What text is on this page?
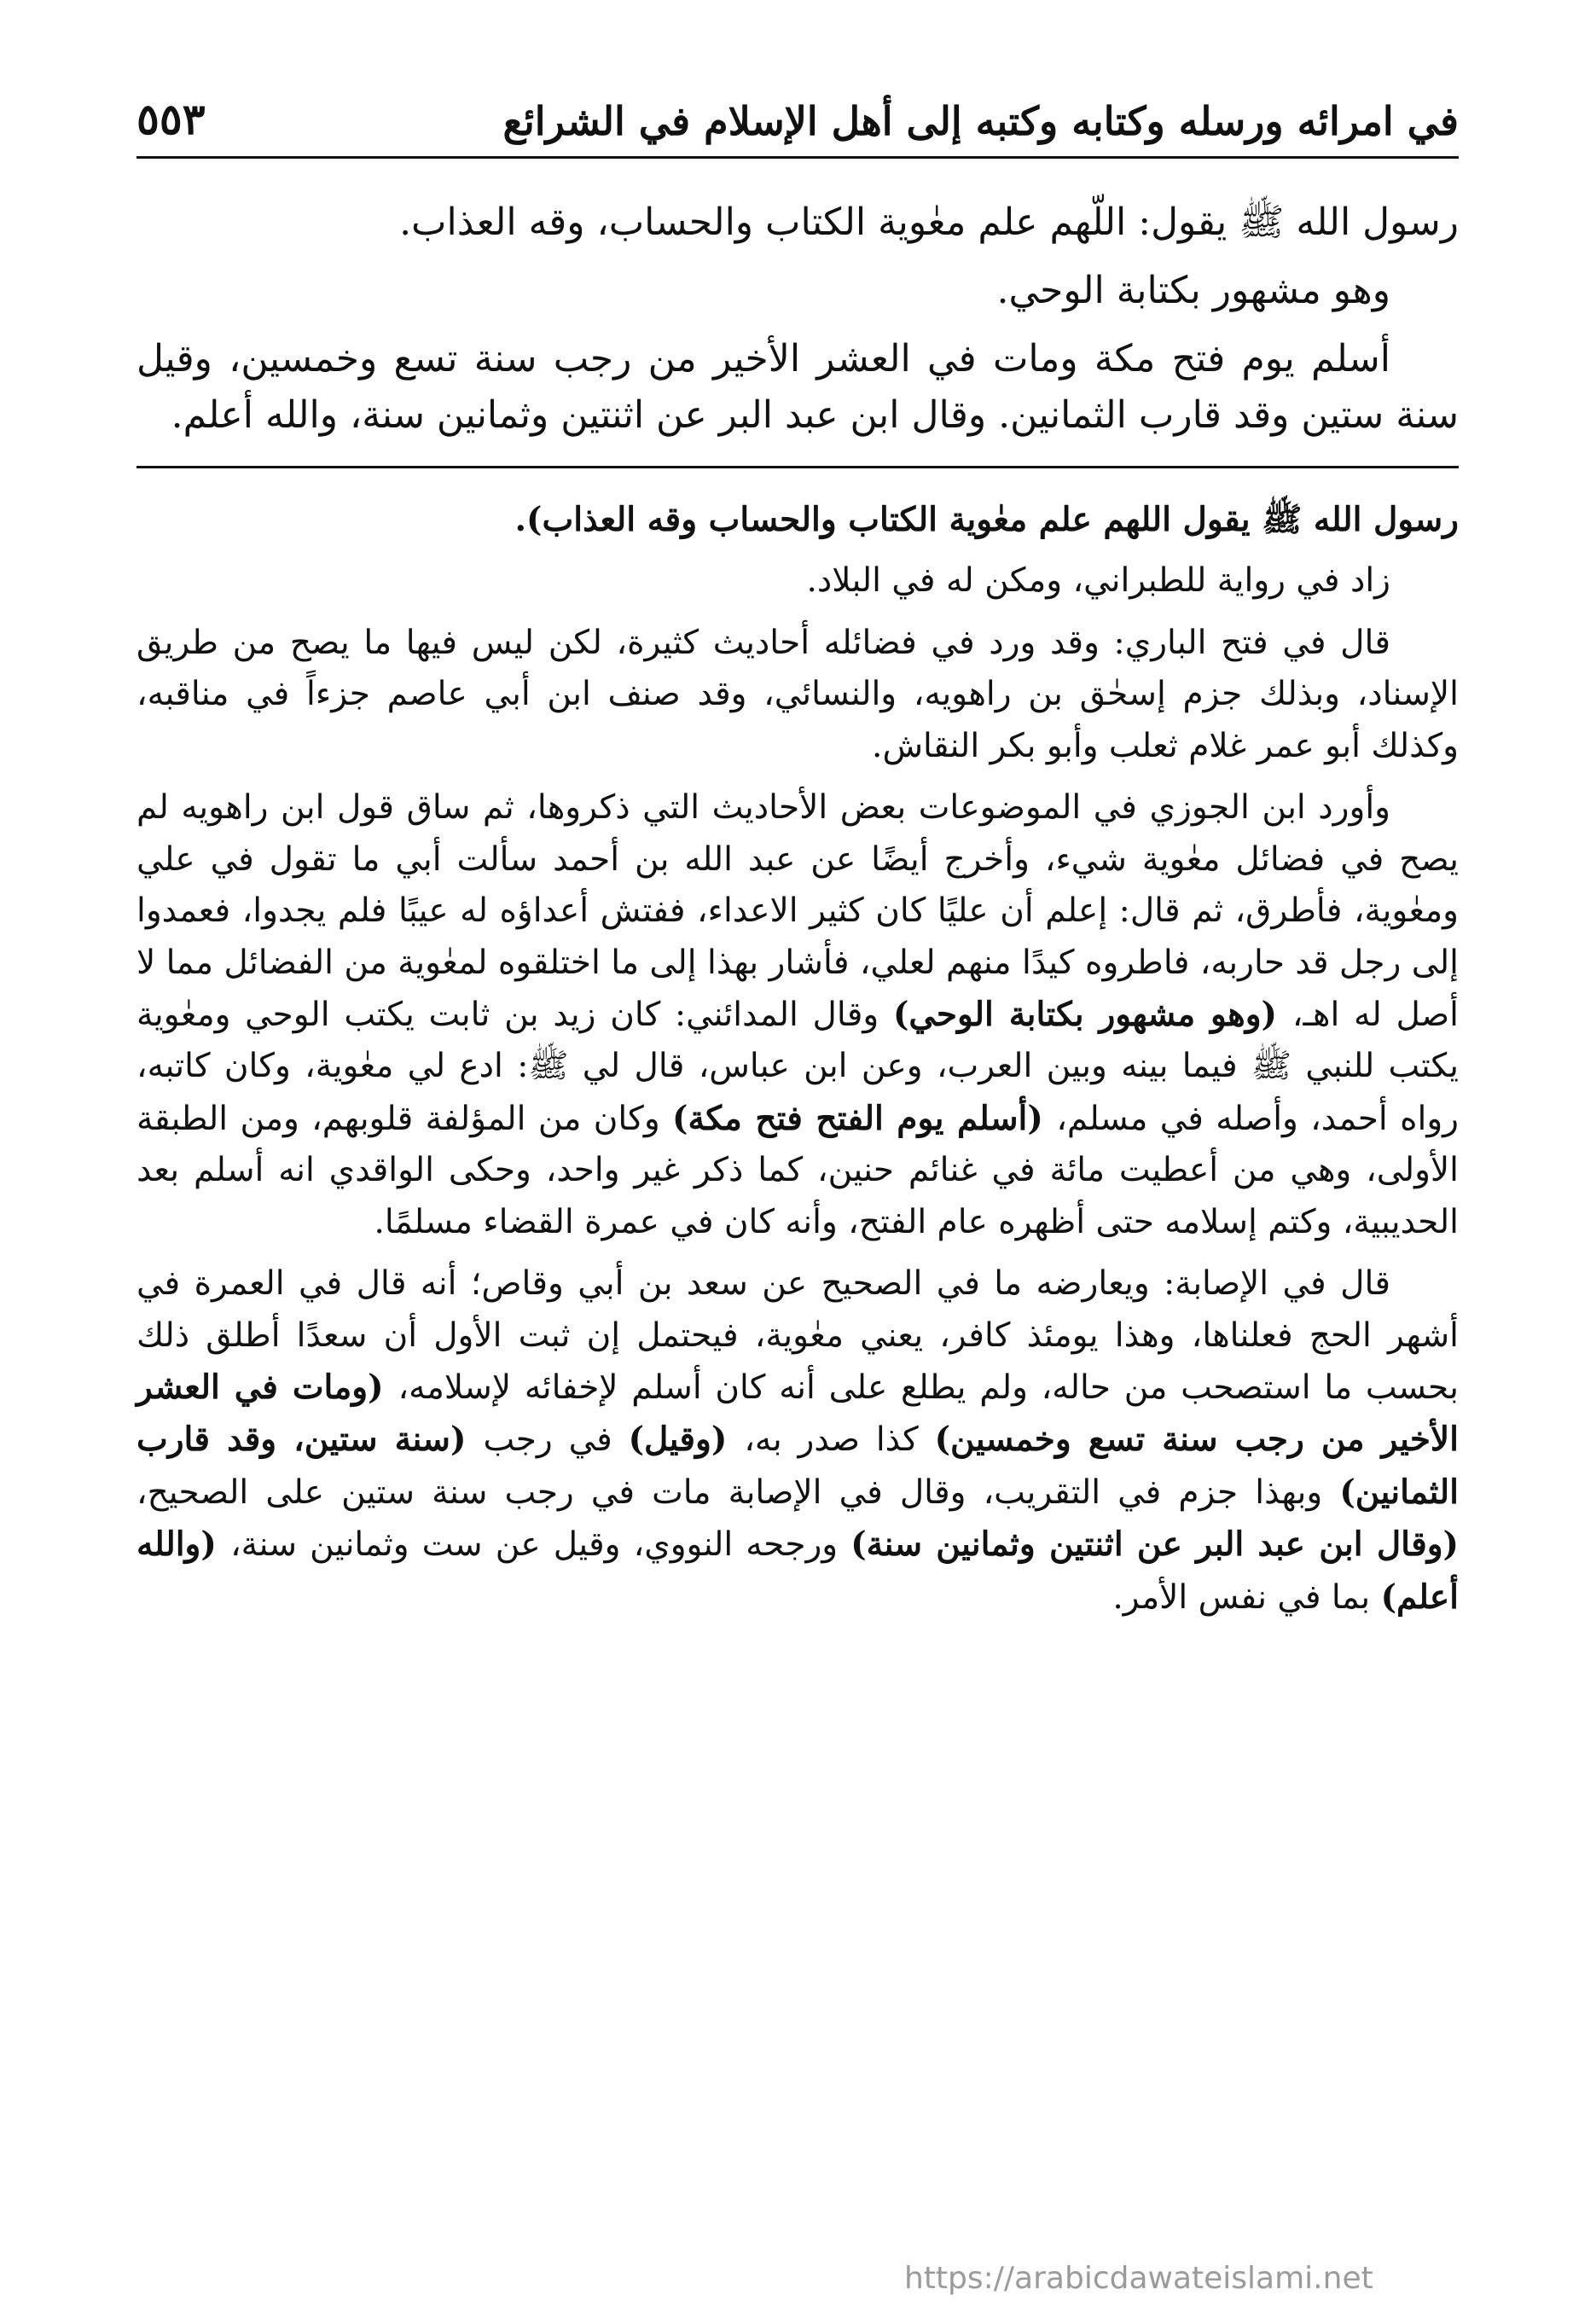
في امرائه ورسله وكتابه وكتبه إلى أهل الإسلام في الشرائع
٥٥٣

رسول الله ﷺ يقول: اللّهم علم معٰوية الكتاب والحساب، وقه العذاب.

وهو مشهور بكتابة الوحي.

أسلم يوم فتح مكة ومات في العشر الأخير من رجب سنة تسع وخمسين، وقيل سنة ستين وقد قارب الثمانين. وقال ابن عبد البر عن اثنتين وثمانين سنة، والله أعلم.

رسول الله ﷺ يقول اللهم علم معٰوية الكتاب والحساب وقه العذاب).

زاد في رواية للطبراني، ومكن له في البلاد.

قال في فتح الباري: وقد ورد في فضائله أحاديث كثيرة، لكن ليس فيها ما يصح من طريق الإسناد، وبذلك جزم إسحٰق بن راهويه، والنسائي، وقد صنف ابن أبي عاصم جزءاً في مناقبه، وكذلك أبو عمر غلام ثعلب وأبو بكر النقاش.

وأورد ابن الجوزي في الموضوعات بعض الأحاديث التي ذكروها، ثم ساق قول ابن راهويه لم يصح في فضائل معٰوية شيء، وأخرج أيضًا عن عبد الله بن أحمد سألت أبي ما تقول في علي ومعٰوية، فأطرق، ثم قال: إعلم أن عليًا كان كثير الاعداء، ففتش أعداؤه له عيبًا فلم يجدوا، فعمدوا إلى رجل قد حاربه، فاطروه كيدًا منهم لعلي، فأشار بهذا إلى ما اختلقوه لمعٰوية من الفضائل مما لا أصل له اهـ، (وهو مشهور بكتابة الوحي) وقال المدائني: كان زيد بن ثابت يكتب الوحي ومعٰوية يكتب للنبي ﷺ فيما بينه وبين العرب، وعن ابن عباس، قال لي ﷺ: ادع لي معٰوية، وكان كاتبه، رواه أحمد، وأصله في مسلم، (أسلم يوم الفتح فتح مكة) وكان من المؤلفة قلوبهم، ومن الطبقة الأولى، وهي من أعطيت مائة في غنائم حنين، كما ذكر غير واحد، وحكى الواقدي انه أسلم بعد الحديبية، وكتم إسلامه حتى أظهره عام الفتح، وأنه كان في عمرة القضاء مسلمًا.

قال في الإصابة: ويعارضه ما في الصحيح عن سعد بن أبي وقاص؛ أنه قال في العمرة في أشهر الحج فعلناها، وهذا يومئذ كافر، يعني معٰوية، فيحتمل إن ثبت الأول أن سعدًا أطلق ذلك بحسب ما استصحب من حاله، ولم يطلع على أنه كان أسلم لإخفائه لإسلامه، (ومات في العشر الأخير من رجب سنة تسع وخمسين) كذا صدر به، (وقيل) في رجب (سنة ستين، وقد قارب الثمانين) وبهذا جزم في التقريب، وقال في الإصابة مات في رجب سنة ستين على الصحيح، (وقال ابن عبد البر عن اثنتين وثمانين سنة) ورجحه النووي، وقيل عن ست وثمانين سنة، (والله أعلم) بما في نفس الأمر.

https://arabicdawateislami.net
